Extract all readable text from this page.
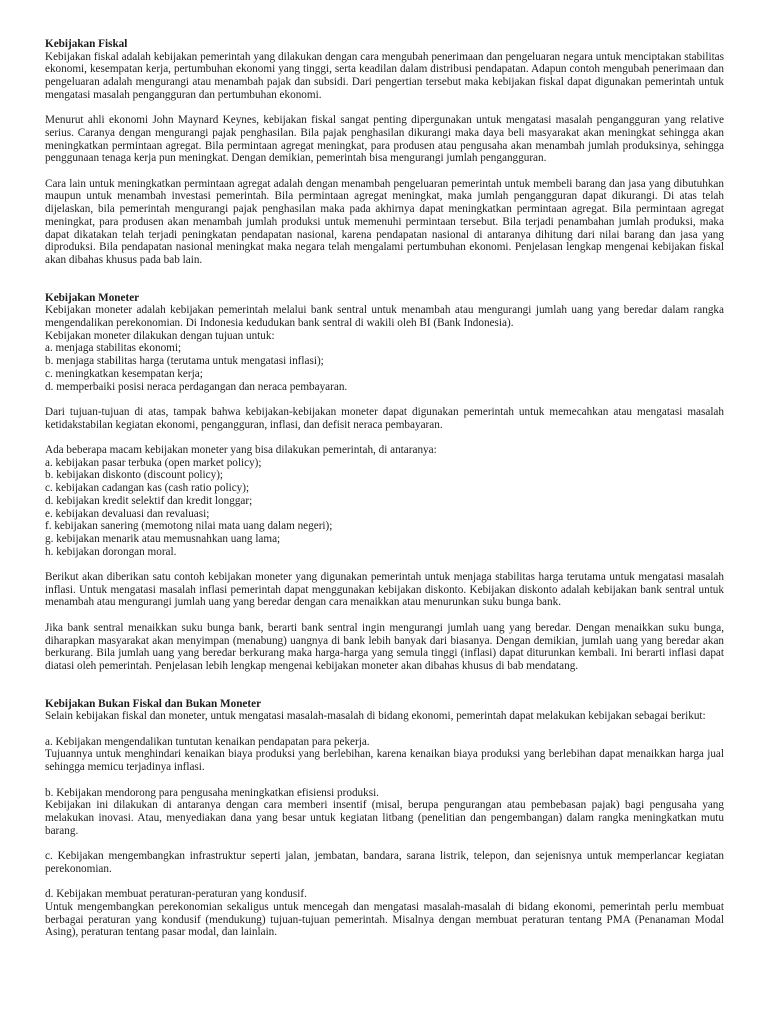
Kebijakan Fiskal

Kebijakan fiskal adalah kebijakan pemerintah yang dilakukan dengan cara mengubah penerimaan dan pengeluaran negara untuk menciptakan stabilitas ekonomi, kesempatan kerja, pertumbuhan ekonomi yang tinggi, serta keadilan dalam distribusi pendapatan. Adapun contoh mengubah penerimaan dan pengeluaran adalah mengurangi atau menambah pajak dan subsidi. Dari pengertian tersebut maka kebijakan fiskal dapat digunakan pemerintah untuk mengatasi masalah pengangguran dan pertumbuhan ekonomi.

Menurut ahli ekonomi John Maynard Keynes, kebijakan fiskal sangat penting dipergunakan untuk mengatasi masalah pengangguran yang relative serius. Caranya dengan mengurangi pajak penghasilan. Bila pajak penghasilan dikurangi maka daya beli masyarakat akan meningkat sehingga akan meningkatkan permintaan agregat. Bila permintaan agregat meningkat, para produsen atau pengusaha akan menambah jumlah produksinya, sehingga penggunaan tenaga kerja pun meningkat. Dengan demikian, pemerintah bisa mengurangi jumlah pengangguran.

Cara lain untuk meningkatkan permintaan agregat adalah dengan menambah pengeluaran pemerintah untuk membeli barang dan jasa yang dibutuhkan maupun untuk menambah investasi pemerintah. Bila permintaan agregat meningkat, maka jumlah pengangguran dapat dikurangi. Di atas telah dijelaskan, bila pemerintah mengurangi pajak penghasilan maka pada akhirnya dapat meningkatkan permintaan agregat. Bila permintaan agregat meningkat, para produsen akan menambah jumlah produksi untuk memenuhi permintaan tersebut. Bila terjadi penambahan jumlah produksi, maka dapat dikatakan telah terjadi peningkatan pendapatan nasional, karena pendapatan nasional di antaranya dihitung dari nilai barang dan jasa yang diproduksi. Bila pendapatan nasional meningkat maka negara telah mengalami pertumbuhan ekonomi. Penjelasan lengkap mengenai kebijakan fiskal akan dibahas khusus pada bab lain.

Kebijakan Moneter

Kebijakan moneter adalah kebijakan pemerintah melalui bank sentral untuk menambah atau mengurangi jumlah uang yang beredar dalam rangka mengendalikan perekonomian. Di Indonesia kedudukan bank sentral di wakili oleh BI (Bank Indonesia).

Kebijakan moneter dilakukan dengan tujuan untuk:

a. menjaga stabilitas ekonomi;

b. menjaga stabilitas harga (terutama untuk mengatasi inflasi);

c. meningkatkan kesempatan kerja;

d. memperbaiki posisi neraca perdagangan dan neraca pembayaran.

Dari tujuan-tujuan di atas, tampak bahwa kebijakan-kebijakan moneter dapat digunakan pemerintah untuk memecahkan atau mengatasi masalah ketidakstabilan kegiatan ekonomi, pengangguran, inflasi, dan defisit neraca pembayaran.

Ada beberapa macam kebijakan moneter yang bisa dilakukan pemerintah, di antaranya:

a. kebijakan pasar terbuka (open market policy);

b. kebijakan diskonto (discount policy);

c. kebijakan cadangan kas (cash ratio policy);

d. kebijakan kredit selektif dan kredit longgar;

e. kebijakan devaluasi dan revaluasi;

f. kebijakan sanering (memotong nilai mata uang dalam negeri);

g. kebijakan menarik atau memusnahkan uang lama;

h. kebijakan dorongan moral.

Berikut akan diberikan satu contoh kebijakan moneter yang digunakan pemerintah untuk menjaga stabilitas harga terutama untuk mengatasi masalah inflasi. Untuk mengatasi masalah inflasi pemerintah dapat menggunakan kebijakan diskonto. Kebijakan diskonto adalah kebijakan bank sentral untuk menambah atau mengurangi jumlah uang yang beredar dengan cara menaikkan atau menurunkan suku bunga bank.

Jika bank sentral menaikkan suku bunga bank, berarti bank sentral ingin mengurangi jumlah uang yang beredar. Dengan menaikkan suku bunga, diharapkan masyarakat akan menyimpan (menabung) uangnya di bank lebih banyak dari biasanya. Dengan demikian, jumlah uang yang beredar akan berkurang. Bila jumlah uang yang beredar berkurang maka harga-harga yang semula tinggi (inflasi) dapat diturunkan kembali. Ini berarti inflasi dapat diatasi oleh pemerintah. Penjelasan lebih lengkap mengenai kebijakan moneter akan dibahas khusus di bab mendatang.

Kebijakan Bukan Fiskal dan Bukan Moneter

Selain kebijakan fiskal dan moneter, untuk mengatasi masalah-masalah di bidang ekonomi, pemerintah dapat melakukan kebijakan sebagai berikut:

a. Kebijakan mengendalikan tuntutan kenaikan pendapatan para pekerja.

Tujuannya untuk menghindari kenaikan biaya produksi yang berlebihan, karena kenaikan biaya produksi yang berlebihan dapat menaikkan harga jual sehingga memicu terjadinya inflasi.

b. Kebijakan mendorong para pengusaha meningkatkan efisiensi produksi.

Kebijakan ini dilakukan di antaranya dengan cara memberi insentif (misal, berupa pengurangan atau pembebasan pajak) bagi pengusaha yang melakukan inovasi. Atau, menyediakan dana yang besar untuk kegiatan litbang (penelitian dan pengembangan) dalam rangka meningkatkan mutu barang.

c. Kebijakan mengembangkan infrastruktur seperti jalan, jembatan, bandara, sarana listrik, telepon, dan sejenisnya untuk memperlancar kegiatan perekonomian.

d. Kebijakan membuat peraturan-peraturan yang kondusif.

Untuk mengembangkan perekonomian sekaligus untuk mencegah dan mengatasi masalah-masalah di bidang ekonomi, pemerintah perlu membuat berbagai peraturan yang kondusif (mendukung) tujuan-tujuan pemerintah. Misalnya dengan membuat peraturan tentang PMA (Penanaman Modal Asing), peraturan tentang pasar modal, dan lainlain.
